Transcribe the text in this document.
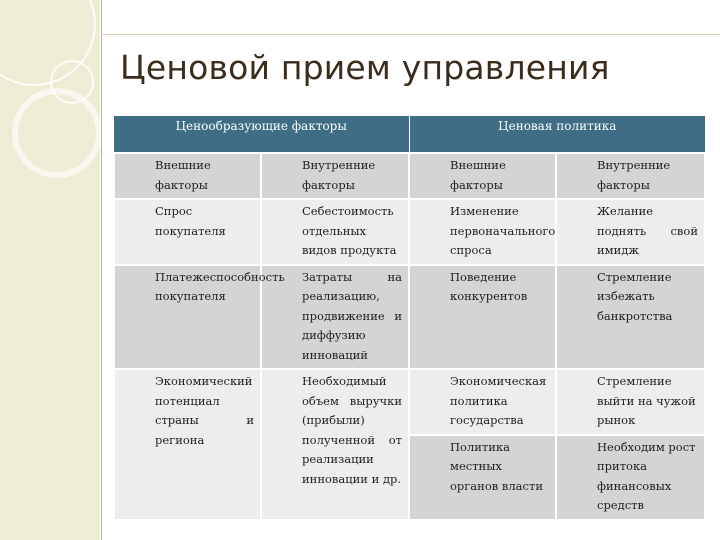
Ценовой прием управления
Ценообразующие факторы		Ценовая политика	
Внешние факторы	Внутренние факторы	Внешние факторы	Внутренние факторы
Спрос покупателя	Себестоимость отдельных видов продукта	Изменение первоначального спроса	Желание поднять свой имидж
Платежеспособность покупателя	Затраты на реализацию, продвижение и диффузию инноваций	Поведение конкурентов	Стремление избежать банкротства
Экономический потенциал страны и региона	Необходимый объем выручки (прибыли) полученной от реализации инновации и др.	Экономическая политика государства	Стремление выйти на чужой рынок
		Политика местных органов власти	Необходим рост притока финансовых средств
